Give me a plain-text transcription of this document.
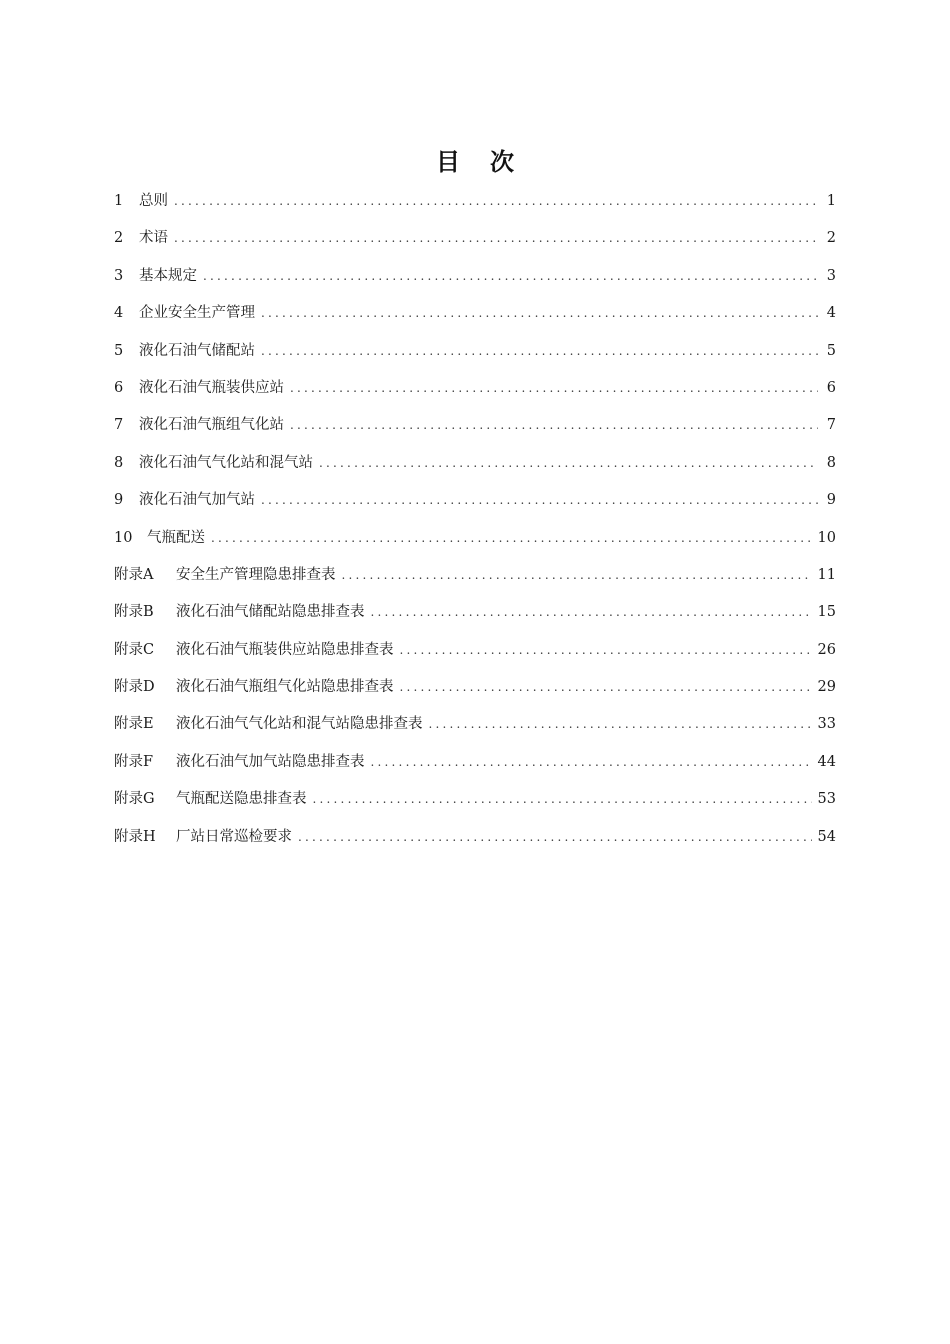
目 次
1	总则 .....	1
2	术语 .....	2
3	基本规定 .....	3
4	企业安全生产管理 .....	4
5	液化石油气储配站 .....	5
6	液化石油气瓶装供应站 .....	6
7	液化石油气瓶组气化站 .....	7
8	液化石油气气化站和混气站 .....	8
9	液化石油气加气站 .....	9
10	气瓶配送 .....	10
附录A	安全生产管理隐患排查表 .....	11
附录B	液化石油气储配站隐患排查表 .....	15
附录C	液化石油气瓶装供应站隐患排查表 .....	26
附录D	液化石油气瓶组气化站隐患排查表 .....	29
附录E	液化石油气气化站和混气站隐患排查表 .....	33
附录F	液化石油气加气站隐患排查表 .....	44
附录G	气瓶配送隐患排查表 .....	53
附录H	厂站日常巡检要求 .....	54
